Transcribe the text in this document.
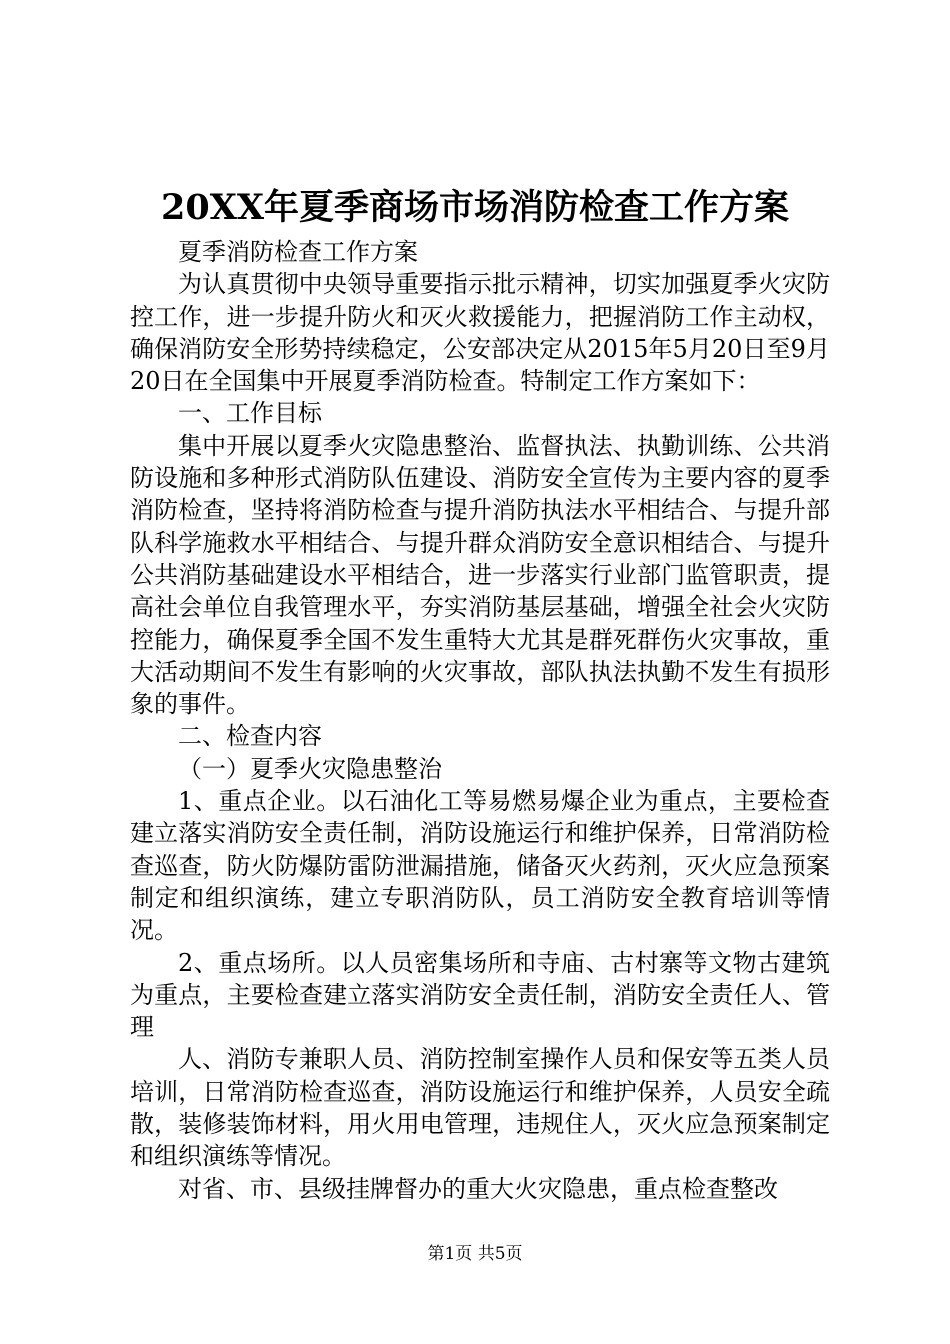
20XX年夏季商场市场消防检查工作方案

夏季消防检查工作方案

为认真贯彻中央领导重要指示批示精神，切实加强夏季火灾防控工作，进一步提升防火和灭火救援能力，把握消防工作主动权，确保消防安全形势持续稳定，公安部决定从2015年5月20日至9月20日在全国集中开展夏季消防检查。特制定工作方案如下：

一、工作目标

集中开展以夏季火灾隐患整治、监督执法、执勤训练、公共消防设施和多种形式消防队伍建设、消防安全宣传为主要内容的夏季消防检查，坚持将消防检查与提升消防执法水平相结合、与提升部队科学施救水平相结合、与提升群众消防安全意识相结合、与提升公共消防基础建设水平相结合，进一步落实行业部门监管职责，提高社会单位自我管理水平，夯实消防基层基础，增强全社会火灾防控能力，确保夏季全国不发生重特大尤其是群死群伤火灾事故，重大活动期间不发生有影响的火灾事故，部队执法执勤不发生有损形象的事件。

二、检查内容

（一）夏季火灾隐患整治

1、重点企业。以石油化工等易燃易爆企业为重点，主要检查建立落实消防安全责任制，消防设施运行和维护保养，日常消防检查巡查，防火防爆防雷防泄漏措施，储备灭火药剂，灭火应急预案制定和组织演练，建立专职消防队，员工消防安全教育培训等情况。

2、重点场所。以人员密集场所和寺庙、古村寨等文物古建筑为重点，主要检查建立落实消防安全责任制，消防安全责任人、管理

人、消防专兼职人员、消防控制室操作人员和保安等五类人员培训，日常消防检查巡查，消防设施运行和维护保养，人员安全疏散，装修装饰材料，用火用电管理，违规住人，灭火应急预案制定和组织演练等情况。

对省、市、县级挂牌督办的重大火灾隐患，重点检查整改

第1页 共5页
